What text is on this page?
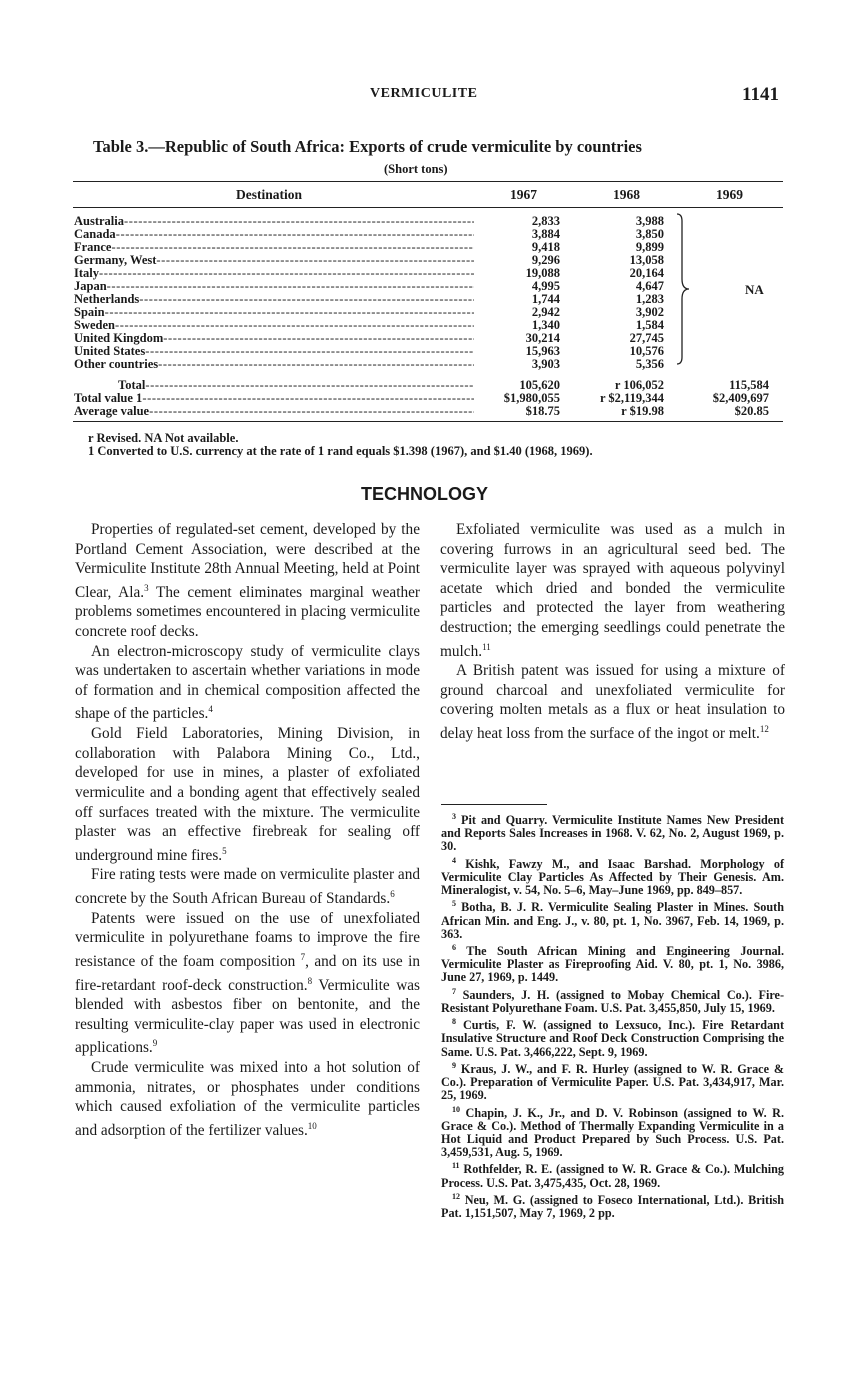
VERMICULITE	1141
Table 3.—Republic of South Africa: Exports of crude vermiculite by countries
(Short tons)
Destination	1967	1968	1969
Australia -----	2,833	3,988
Canada -----	3,884	3,850
France -----	9,418	9,899
Germany, West -----	9,296	13,058
Italy -----	19,088	20,164
Japan -----	4,995	4,647
Netherlands -----	1,744	1,283
Spain -----	2,942	3,902
Sweden -----	1,340	1,584
United Kingdom -----	30,214	27,745
United States -----	15,963	10,576
Other countries -----	3,903	5,356
NA
Total -----	105,620	r 106,052	115,584
Total value 1 -----	$1,980,055	r $2,119,344	$2,409,697
Average value -----	$18.75	r $19.98	$20.85
r Revised. NA Not available.
1 Converted to U.S. currency at the rate of 1 rand equals $1.398 (1967), and $1.40 (1968, 1969).
TECHNOLOGY

Properties of regulated-set cement, developed by the Portland Cement Association, were described at the Vermiculite Institute 28th Annual Meeting, held at Point Clear, Ala.$^3$ The cement eliminates marginal weather problems sometimes encountered in placing vermiculite concrete roof decks.

An electron-microscopy study of vermiculite clays was undertaken to ascertain whether variations in mode of formation and in chemical composition affected the shape of the particles.$^4$

Gold Field Laboratories, Mining Division, in collaboration with Palabora Mining Co., Ltd., developed for use in mines, a plaster of exfoliated vermiculite and a bonding agent that effectively sealed off surfaces treated with the mixture. The vermiculite plaster was an effective firebreak for sealing off underground mine fires.$^5$

Fire rating tests were made on vermiculite plaster and concrete by the South African Bureau of Standards.$^6$

Patents were issued on the use of unexfoliated vermiculite in polyurethane foams to improve the fire resistance of the foam composition $^7$, and on its use in fire-retardant roof-deck construction.$^8$ Vermiculite was blended with asbestos fiber on bentonite, and the resulting vermiculite-clay paper was used in electronic applications.$^9$

Crude vermiculite was mixed into a hot solution of ammonia, nitrates, or phosphates under conditions which caused exfoliation of the vermiculite particles and adsorption of the fertilizer values.$^{10}$

Exfoliated vermiculite was used as a mulch in covering furrows in an agricultural seed bed. The vermiculite layer was sprayed with aqueous polyvinyl acetate which dried and bonded the vermiculite particles and protected the layer from weathering destruction; the emerging seedlings could penetrate the mulch.$^{11}$

A British patent was issued for using a mixture of ground charcoal and unexfoliated vermiculite for covering molten metals as a flux or heat insulation to delay heat loss from the surface of the ingot or melt.$^{12}$

$^3$ Pit and Quarry. Vermiculite Institute Names New President and Reports Sales Increases in 1968. V. 62, No. 2, August 1969, p. 30.

$^4$ Kishk, Fawzy M., and Isaac Barshad. Morphology of Vermiculite Clay Particles As Affected by Their Genesis. Am. Mineralogist, v. 54, No. 5–6, May–June 1969, pp. 849–857.

$^5$ Botha, B. J. R. Vermiculite Sealing Plaster in Mines. South African Min. and Eng. J., v. 80, pt. 1, No. 3967, Feb. 14, 1969, p. 363.

$^6$ The South African Mining and Engineering Journal. Vermiculite Plaster as Fireproofing Aid. V. 80, pt. 1, No. 3986, June 27, 1969, p. 1449.

$^7$ Saunders, J. H. (assigned to Mobay Chemical Co.). Fire-Resistant Polyurethane Foam. U.S. Pat. 3,455,850, July 15, 1969.

$^8$ Curtis, F. W. (assigned to Lexsuco, Inc.). Fire Retardant Insulative Structure and Roof Deck Construction Comprising the Same. U.S. Pat. 3,466,222, Sept. 9, 1969.

$^9$ Kraus, J. W., and F. R. Hurley (assigned to W. R. Grace & Co.). Preparation of Vermiculite Paper. U.S. Pat. 3,434,917, Mar. 25, 1969.

$^{10}$ Chapin, J. K., Jr., and D. V. Robinson (assigned to W. R. Grace & Co.). Method of Thermally Expanding Vermiculite in a Hot Liquid and Product Prepared by Such Process. U.S. Pat. 3,459,531, Aug. 5, 1969.

$^{11}$ Rothfelder, R. E. (assigned to W. R. Grace & Co.). Mulching Process. U.S. Pat. 3,475,435, Oct. 28, 1969.

$^{12}$ Neu, M. G. (assigned to Foseco International, Ltd.). British Pat. 1,151,507, May 7, 1969, 2 pp.
